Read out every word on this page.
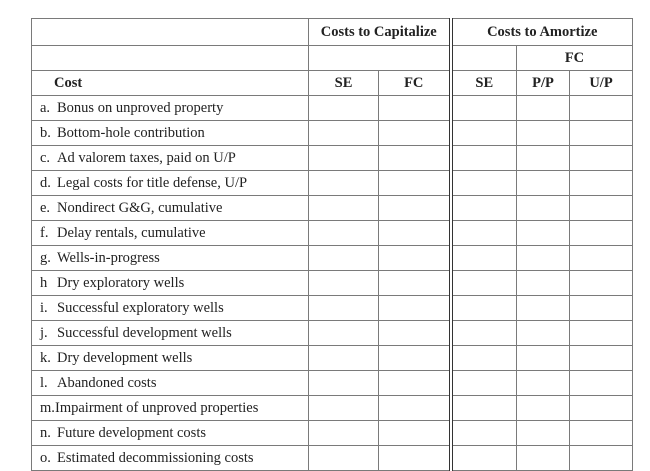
	Costs to Capitalize		Costs to Amortize		
				FC	
Cost	SE	FC	SE	P/P	U/P
a. Bonus on unproved property					
b. Bottom-hole contribution					
c. Ad valorem taxes, paid on U/P					
d. Legal costs for title defense, U/P					
e. Nondirect G&G, cumulative					
f. Delay rentals, cumulative					
g. Wells-in-progress					
h Dry exploratory wells					
i. Successful exploratory wells					
j. Successful development wells					
k. Dry development wells					
l. Abandoned costs					
m.Impairment of unproved properties					
n. Future development costs					
o. Estimated decommissioning costs					
